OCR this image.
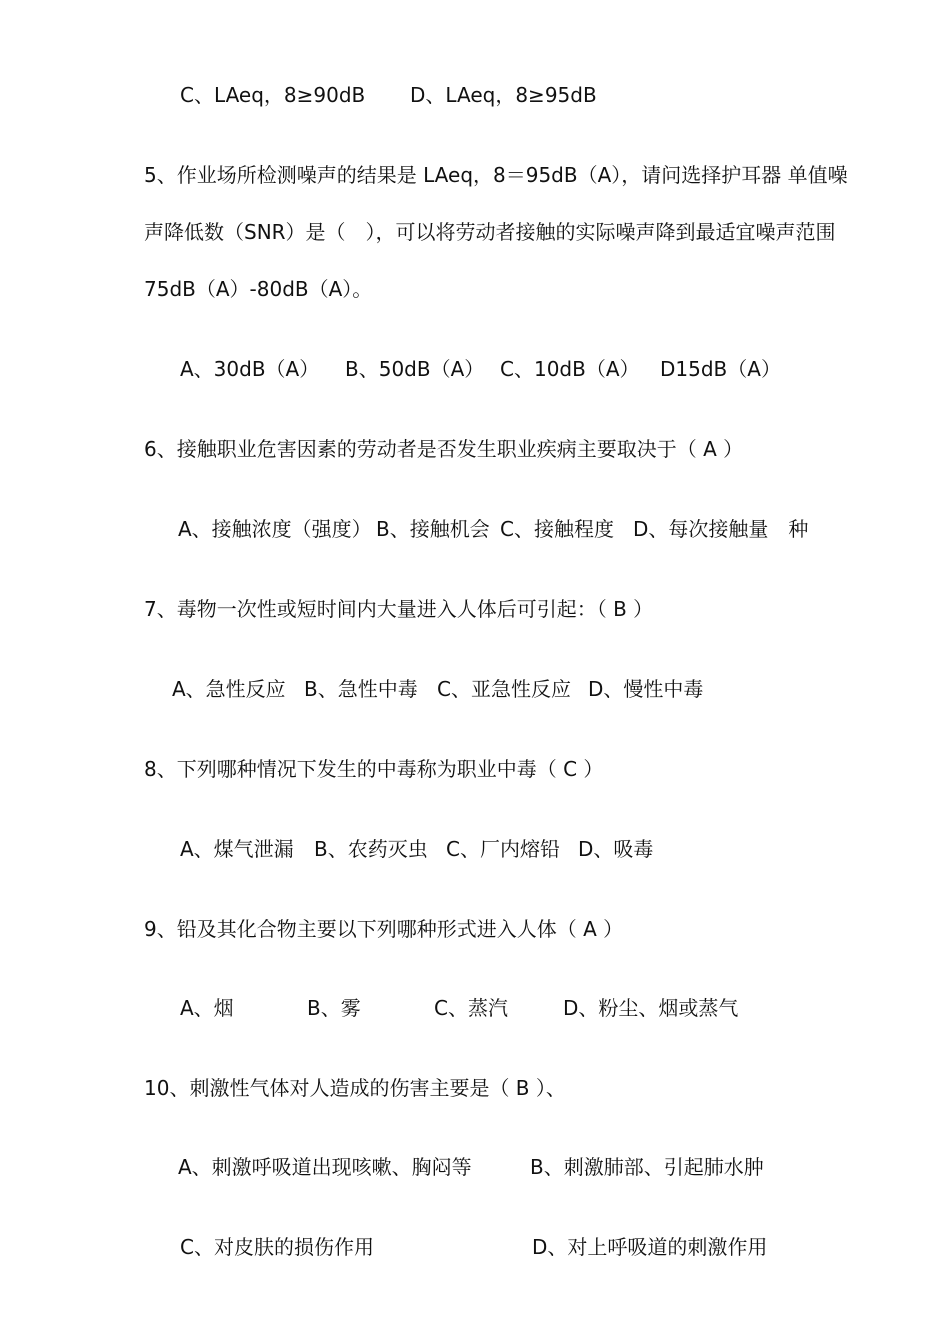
C、LAeq，8≥90dB D、LAeq，8≥95dB
5、作业场所检测噪声的结果是 LAeq，8＝95dB（A），请问选择护耳器 单值噪
声降低数（SNR）是（　），可以将劳动者接触的实际噪声降到最适宜噪声范围
75dB（A）-80dB（A）。
A、30dB（A） B、50dB（A） C、10dB（A） D15dB（A）
6、接触职业危害因素的劳动者是否发生职业疾病主要取决于（ A ）
A、接触浓度（强度） B、接触机会 C、接触程度 D、每次接触量　种
7、毒物一次性或短时间内大量进入人体后可引起：（ B ）
A、急性反应 B、急性中毒 C、亚急性反应 D、慢性中毒
8、下列哪种情况下发生的中毒称为职业中毒（ C ）
A、煤气泄漏 B、农药灭虫 C、厂内熔铅 D、吸毒
9、铅及其化合物主要以下列哪种形式进入人体（ A ）
A、烟	B、雾	C、蒸汽	D、粉尘、烟或蒸气
10、刺激性气体对人造成的伤害主要是（ B ）、
A、刺激呼吸道出现咳嗽、胸闷等	B、刺激肺部、引起肺水肿
C、对皮肤的损伤作用	D、对上呼吸道的刺激作用
